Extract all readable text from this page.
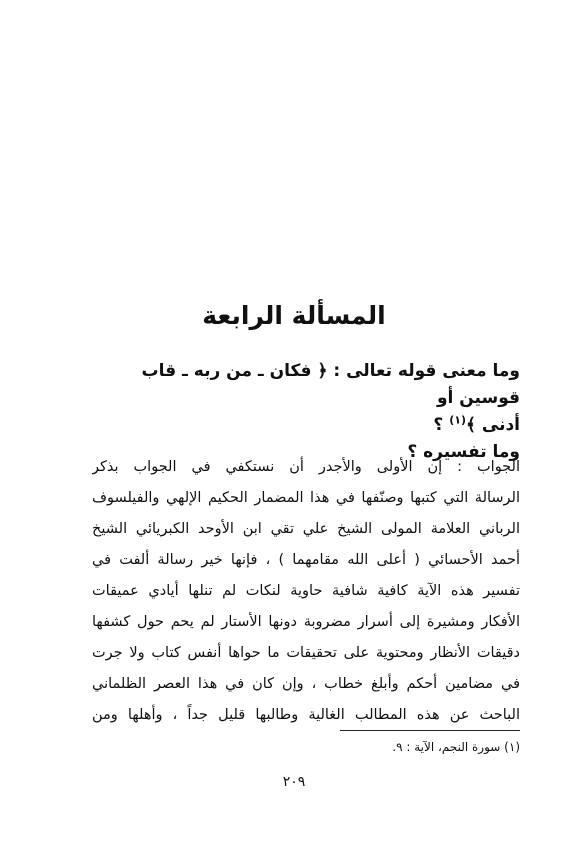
المسألة الرابعة

وما معنى قوله تعالى : ﴿ فكان ـ من ربه ـ قاب قوسين أو

أدنى ﴾$^{(١)}$ ؟

وما تفسيره ؟

الجواب : إن الأولى والأجدر أن نستكفي في الجواب بذكر
الرسالة التي كتبها وصنّفها في هذا المضمار الحكيم الإلهي والفيلسوف
الرباني العلامة المولى الشيخ علي تقي ابن الأوحد الكبريائي الشيخ
أحمد الأحسائي ( أعلى الله مقامهما ) ، فإنها خير رسالة ألفت في
تفسير هذه الآية كافية شافية حاوية لنكات لم تنلها أيادي عميقات
الأفكار ومشيرة إلى أسرار مضروبة دونها الأستار لم يحم حول كشفها
دقيقات الأنظار ومحتوية على تحقيقات ما حواها أنفس كتاب ولا جرت
في مضامين أحكم وأبلغ خطاب ، وإن كان في هذا العصر الظلماني
الباحث عن هذه المطالب الغالية وطالبها قليل جداً ، وأهلها ومن
(١) سورة النجم، الآية : ٩.
٢٠٩
